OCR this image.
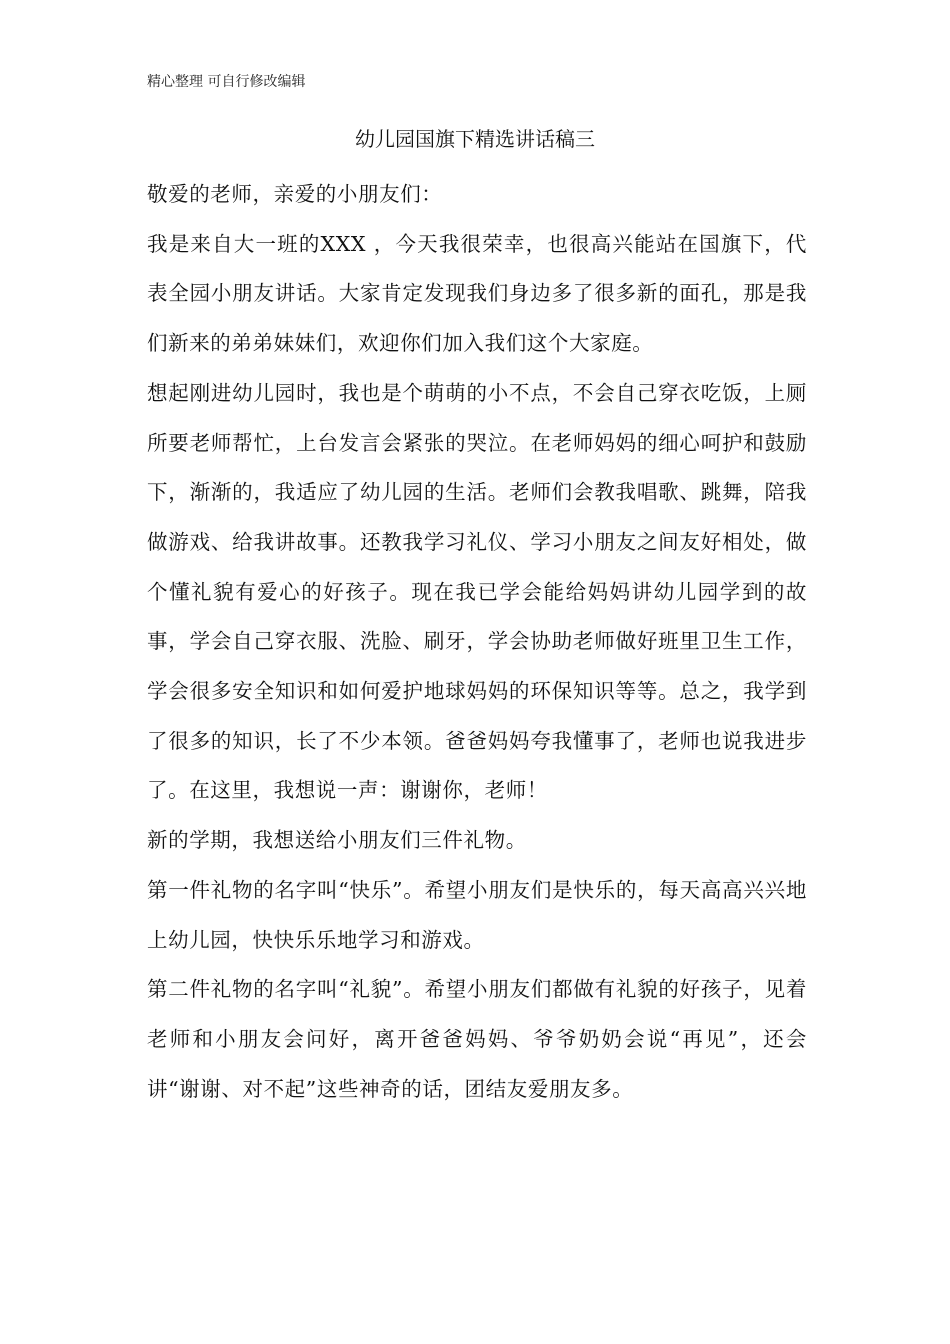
精心整理 可自行修改编辑
幼儿园国旗下精选讲话稿三

敬爱的老师，亲爱的小朋友们：

我是来自大一班的XXX ，今天我很荣幸，也很高兴能站在国旗下，代表全园小朋友讲话。大家肯定发现我们身边多了很多新的面孔，那是我们新来的弟弟妹妹们，欢迎你们加入我们这个大家庭。

想起刚进幼儿园时，我也是个萌萌的小不点，不会自己穿衣吃饭，上厕所要老师帮忙，上台发言会紧张的哭泣。在老师妈妈的细心呵护和鼓励下，渐渐的，我适应了幼儿园的生活。老师们会教我唱歌、跳舞，陪我做游戏、给我讲故事。还教我学习礼仪、学习小朋友之间友好相处，做个懂礼貌有爱心的好孩子。现在我已学会能给妈妈讲幼儿园学到的故事，学会自己穿衣服、洗脸、刷牙，学会协助老师做好班里卫生工作，学会很多安全知识和如何爱护地球妈妈的环保知识等等。总之，我学到了很多的知识，长了不少本领。爸爸妈妈夸我懂事了，老师也说我进步了。在这里，我想说一声：谢谢你，老师！

新的学期，我想送给小朋友们三件礼物。

第一件礼物的名字叫“快乐”。希望小朋友们是快乐的，每天高高兴兴地上幼儿园，快快乐乐地学习和游戏。

第二件礼物的名字叫“礼貌”。希望小朋友们都做有礼貌的好孩子，见着老师和小朋友会问好，离开爸爸妈妈、爷爷奶奶会说“再见”，还会讲“谢谢、对不起”这些神奇的话，团结友爱朋友多。
